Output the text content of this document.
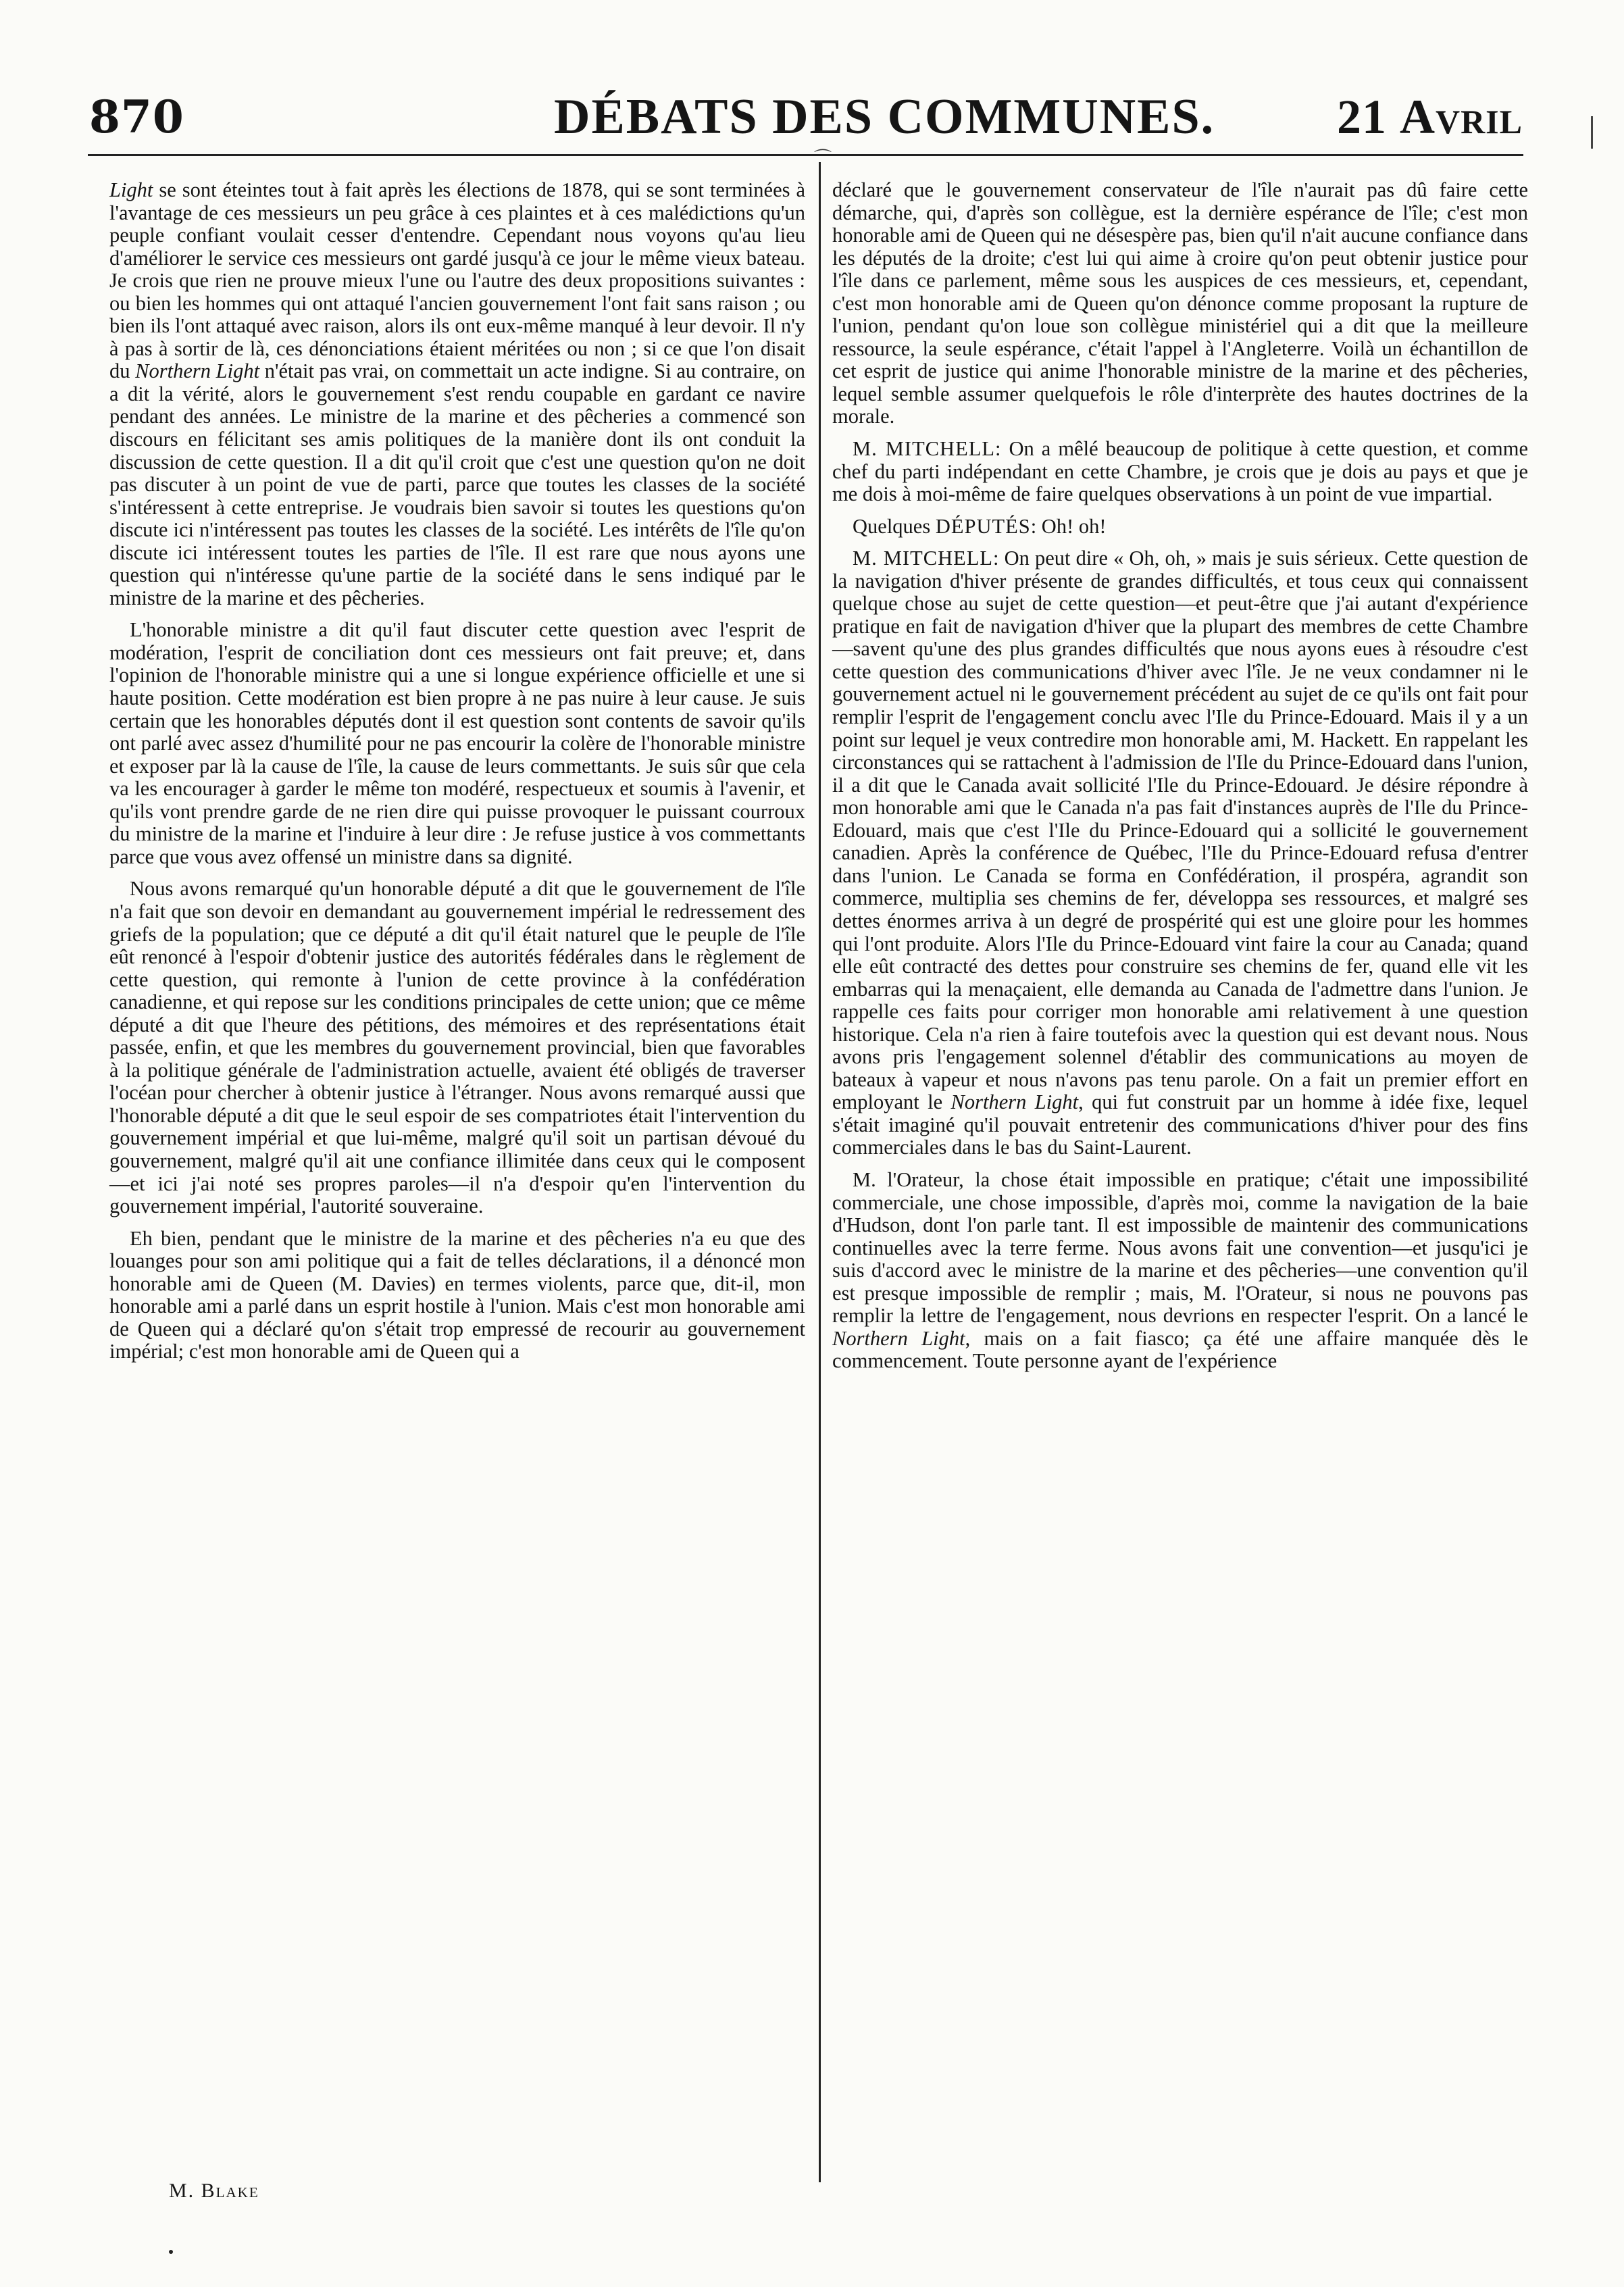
870	DÉBATS DES COMMUNES.	21 Avril
⌒

Light se sont éteintes tout à fait après les élections de 1878, qui se sont terminées à l'avantage de ces messieurs un peu grâce à ces plaintes et à ces malédictions qu'un peuple confiant voulait cesser d'entendre. Cependant nous voyons qu'au lieu d'améliorer le service ces messieurs ont gardé jusqu'à ce jour le même vieux bateau. Je crois que rien ne prouve mieux l'une ou l'autre des deux propositions suivantes : ou bien les hommes qui ont attaqué l'ancien gouvernement l'ont fait sans raison ; ou bien ils l'ont attaqué avec raison, alors ils ont eux-même manqué à leur devoir. Il n'y à pas à sortir de là, ces dénonciations étaient méritées ou non ; si ce que l'on disait du Northern Light n'était pas vrai, on commettait un acte indigne. Si au contraire, on a dit la vérité, alors le gouvernement s'est rendu coupable en gardant ce navire pendant des années. Le ministre de la marine et des pêcheries a commencé son discours en félicitant ses amis politiques de la manière dont ils ont conduit la discussion de cette question. Il a dit qu'il croit que c'est une question qu'on ne doit pas discuter à un point de vue de parti, parce que toutes les classes de la société s'intéressent à cette entreprise. Je voudrais bien savoir si toutes les questions qu'on discute ici n'intéressent pas toutes les classes de la société. Les intérêts de l'île qu'on discute ici intéressent toutes les parties de l'île. Il est rare que nous ayons une question qui n'intéresse qu'une partie de la société dans le sens indiqué par le ministre de la marine et des pêcheries.

L'honorable ministre a dit qu'il faut discuter cette question avec l'esprit de modération, l'esprit de conciliation dont ces messieurs ont fait preuve; et, dans l'opinion de l'honorable ministre qui a une si longue expérience officielle et une si haute position. Cette modération est bien propre à ne pas nuire à leur cause. Je suis certain que les honorables députés dont il est question sont contents de savoir qu'ils ont parlé avec assez d'humilité pour ne pas encourir la colère de l'honorable ministre et exposer par là la cause de l'île, la cause de leurs commettants. Je suis sûr que cela va les encourager à garder le même ton modéré, respectueux et soumis à l'avenir, et qu'ils vont prendre garde de ne rien dire qui puisse provoquer le puissant courroux du ministre de la marine et l'induire à leur dire : Je refuse justice à vos commettants parce que vous avez offensé un ministre dans sa dignité.

Nous avons remarqué qu'un honorable député a dit que le gouvernement de l'île n'a fait que son devoir en demandant au gouvernement impérial le redressement des griefs de la population; que ce député a dit qu'il était naturel que le peuple de l'île eût renoncé à l'espoir d'obtenir justice des autorités fédérales dans le règlement de cette question, qui remonte à l'union de cette province à la confédération canadienne, et qui repose sur les conditions principales de cette union; que ce même député a dit que l'heure des pétitions, des mémoires et des représentations était passée, enfin, et que les membres du gouvernement provincial, bien que favorables à la politique générale de l'administration actuelle, avaient été obligés de traverser l'océan pour chercher à obtenir justice à l'étranger. Nous avons remarqué aussi que l'honorable député a dit que le seul espoir de ses compatriotes était l'intervention du gouvernement impérial et que lui-même, malgré qu'il soit un partisan dévoué du gouvernement, malgré qu'il ait une confiance illimitée dans ceux qui le composent—et ici j'ai noté ses propres paroles—il n'a d'espoir qu'en l'intervention du gouvernement impérial, l'autorité souveraine.

Eh bien, pendant que le ministre de la marine et des pêcheries n'a eu que des louanges pour son ami politique qui a fait de telles déclarations, il a dénoncé mon honorable ami de Queen (M. Davies) en termes violents, parce que, dit-il, mon honorable ami a parlé dans un esprit hostile à l'union. Mais c'est mon honorable ami de Queen qui a déclaré qu'on s'était trop empressé de recourir au gouvernement impérial; c'est mon honorable ami de Queen qui a

déclaré que le gouvernement conservateur de l'île n'aurait pas dû faire cette démarche, qui, d'après son collègue, est la dernière espérance de l'île; c'est mon honorable ami de Queen qui ne désespère pas, bien qu'il n'ait aucune confiance dans les députés de la droite; c'est lui qui aime à croire qu'on peut obtenir justice pour l'île dans ce parlement, même sous les auspices de ces messieurs, et, cependant, c'est mon honorable ami de Queen qu'on dénonce comme proposant la rupture de l'union, pendant qu'on loue son collègue ministériel qui a dit que la meilleure ressource, la seule espérance, c'était l'appel à l'Angleterre. Voilà un échantillon de cet esprit de justice qui anime l'honorable ministre de la marine et des pêcheries, lequel semble assumer quelquefois le rôle d'interprète des hautes doctrines de la morale.

M. MITCHELL: On a mêlé beaucoup de politique à cette question, et comme chef du parti indépendant en cette Chambre, je crois que je dois au pays et que je me dois à moi-même de faire quelques observations à un point de vue impartial.

Quelques DÉPUTÉS: Oh! oh!

M. MITCHELL: On peut dire « Oh, oh, » mais je suis sérieux. Cette question de la navigation d'hiver présente de grandes difficultés, et tous ceux qui connaissent quelque chose au sujet de cette question—et peut-être que j'ai autant d'expérience pratique en fait de navigation d'hiver que la plupart des membres de cette Chambre—savent qu'une des plus grandes difficultés que nous ayons eues à résoudre c'est cette question des communications d'hiver avec l'île. Je ne veux condamner ni le gouvernement actuel ni le gouvernement précédent au sujet de ce qu'ils ont fait pour remplir l'esprit de l'engagement conclu avec l'Ile du Prince-Edouard. Mais il y a un point sur lequel je veux contredire mon honorable ami, M. Hackett. En rappelant les circonstances qui se rattachent à l'admission de l'Ile du Prince-Edouard dans l'union, il a dit que le Canada avait sollicité l'Ile du Prince-Edouard. Je désire répondre à mon honorable ami que le Canada n'a pas fait d'instances auprès de l'Ile du Prince-Edouard, mais que c'est l'Ile du Prince-Edouard qui a sollicité le gouvernement canadien. Après la conférence de Québec, l'Ile du Prince-Edouard refusa d'entrer dans l'union. Le Canada se forma en Confédération, il prospéra, agrandit son commerce, multiplia ses chemins de fer, développa ses ressources, et malgré ses dettes énormes arriva à un degré de prospérité qui est une gloire pour les hommes qui l'ont produite. Alors l'Ile du Prince-Edouard vint faire la cour au Canada; quand elle eût contracté des dettes pour construire ses chemins de fer, quand elle vit les embarras qui la menaçaient, elle demanda au Canada de l'admettre dans l'union. Je rappelle ces faits pour corriger mon honorable ami relativement à une question historique. Cela n'a rien à faire toutefois avec la question qui est devant nous. Nous avons pris l'engagement solennel d'établir des communications au moyen de bateaux à vapeur et nous n'avons pas tenu parole. On a fait un premier effort en employant le Northern Light, qui fut construit par un homme à idée fixe, lequel s'était imaginé qu'il pouvait entretenir des communications d'hiver pour des fins commerciales dans le bas du Saint-Laurent.

M. l'Orateur, la chose était impossible en pratique; c'était une impossibilité commerciale, une chose impossible, d'après moi, comme la navigation de la baie d'Hudson, dont l'on parle tant. Il est impossible de maintenir des communications continuelles avec la terre ferme. Nous avons fait une convention—et jusqu'ici je suis d'accord avec le ministre de la marine et des pêcheries—une convention qu'il est presque impossible de remplir ; mais, M. l'Orateur, si nous ne pouvons pas remplir la lettre de l'engagement, nous devrions en respecter l'esprit. On a lancé le Northern Light, mais on a fait fiasco; ça été une affaire manquée dès le commencement. Toute personne ayant de l'expérience

M. Blake
